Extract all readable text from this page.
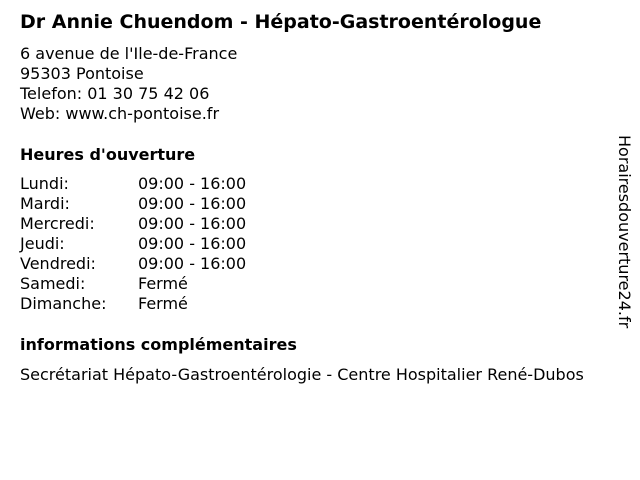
Dr Annie Chuendom - Hépato-Gastroentérologue
6 avenue de l'Ile-de-France
95303 Pontoise
Telefon: 01 30 75 42 06
Web: www.ch-pontoise.fr
Heures d'ouverture
Lundi:	09:00 - 16:00
Mardi:	09:00 - 16:00
Mercredi:	09:00 - 16:00
Jeudi:	09:00 - 16:00
Vendredi:	09:00 - 16:00
Samedi:	Fermé
Dimanche: Fermé
informations complémentaires
Secrétariat Hépato-Gastroentérologie - Centre Hospitalier René-Dubos
Horairesdouverture24.fr
